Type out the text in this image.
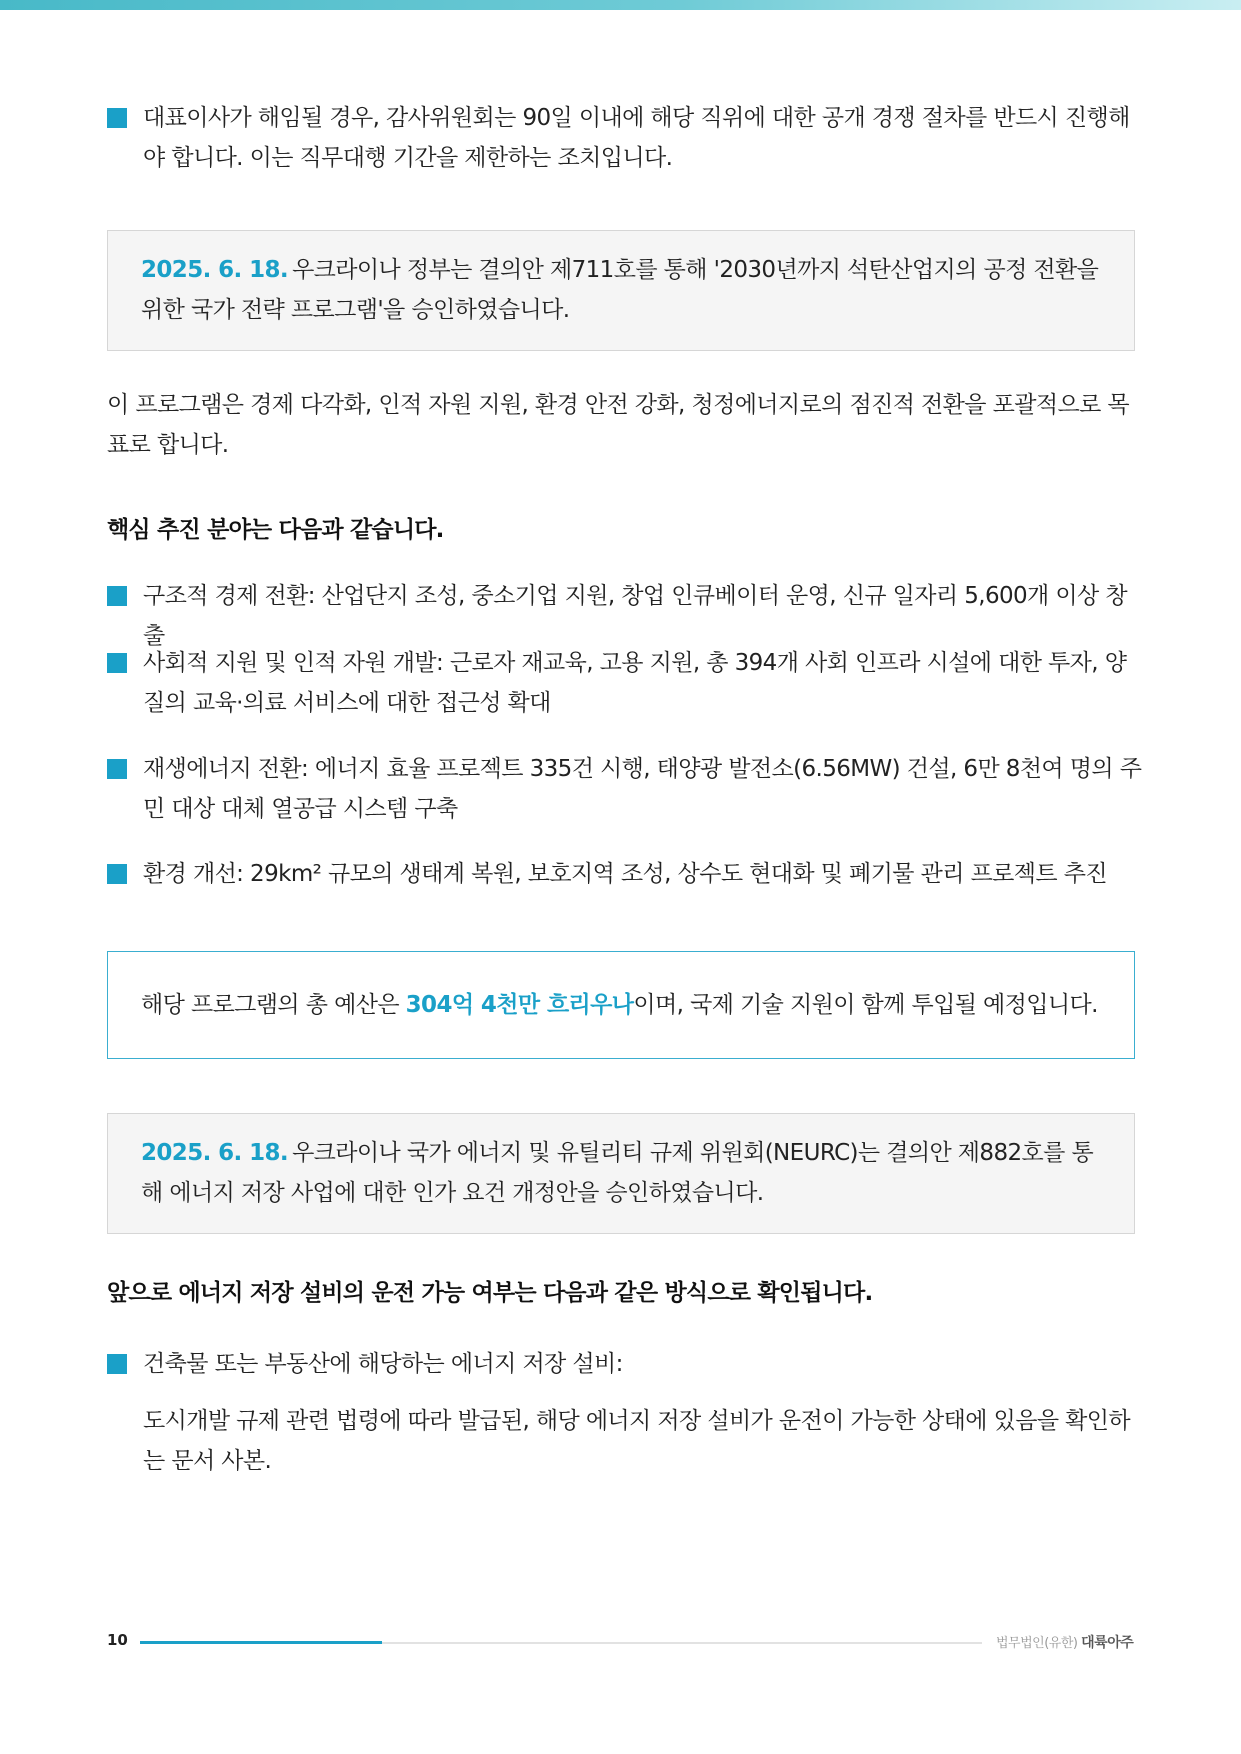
대표이사가 해임될 경우, 감사위원회는 90일 이내에 해당 직위에 대한 공개 경쟁 절차를 반드시 진행해야 합니다. 이는 직무대행 기간을 제한하는 조치입니다.

2025. 6. 18. 우크라이나 정부는 결의안 제711호를 통해 '2030년까지 석탄산업지의 공정 전환을 위한 국가 전략 프로그램'을 승인하였습니다.

이 프로그램은 경제 다각화, 인적 자원 지원, 환경 안전 강화, 청정에너지로의 점진적 전환을 포괄적으로 목표로 합니다.

핵심 추진 분야는 다음과 같습니다.

구조적 경제 전환: 산업단지 조성, 중소기업 지원, 창업 인큐베이터 운영, 신규 일자리 5,600개 이상 창출

사회적 지원 및 인적 자원 개발: 근로자 재교육, 고용 지원, 총 394개 사회 인프라 시설에 대한 투자, 양질의 교육·의료 서비스에 대한 접근성 확대

재생에너지 전환: 에너지 효율 프로젝트 335건 시행, 태양광 발전소(6.56MW) 건설, 6만 8천여 명의 주민 대상 대체 열공급 시스템 구축

환경 개선: 29km² 규모의 생태계 복원, 보호지역 조성, 상수도 현대화 및 폐기물 관리 프로젝트 추진

해당 프로그램의 총 예산은 304억 4천만 흐리우나이며, 국제 기술 지원이 함께 투입될 예정입니다.

2025. 6. 18. 우크라이나 국가 에너지 및 유틸리티 규제 위원회(NEURC)는 결의안 제882호를 통해 에너지 저장 사업에 대한 인가 요건 개정안을 승인하였습니다.

앞으로 에너지 저장 설비의 운전 가능 여부는 다음과 같은 방식으로 확인됩니다.

건축물 또는 부동산에 해당하는 에너지 저장 설비:

도시개발 규제 관련 법령에 따라 발급된, 해당 에너지 저장 설비가 운전이 가능한 상태에 있음을 확인하는 문서 사본.

10	법무법인(유한) 대륙아주
